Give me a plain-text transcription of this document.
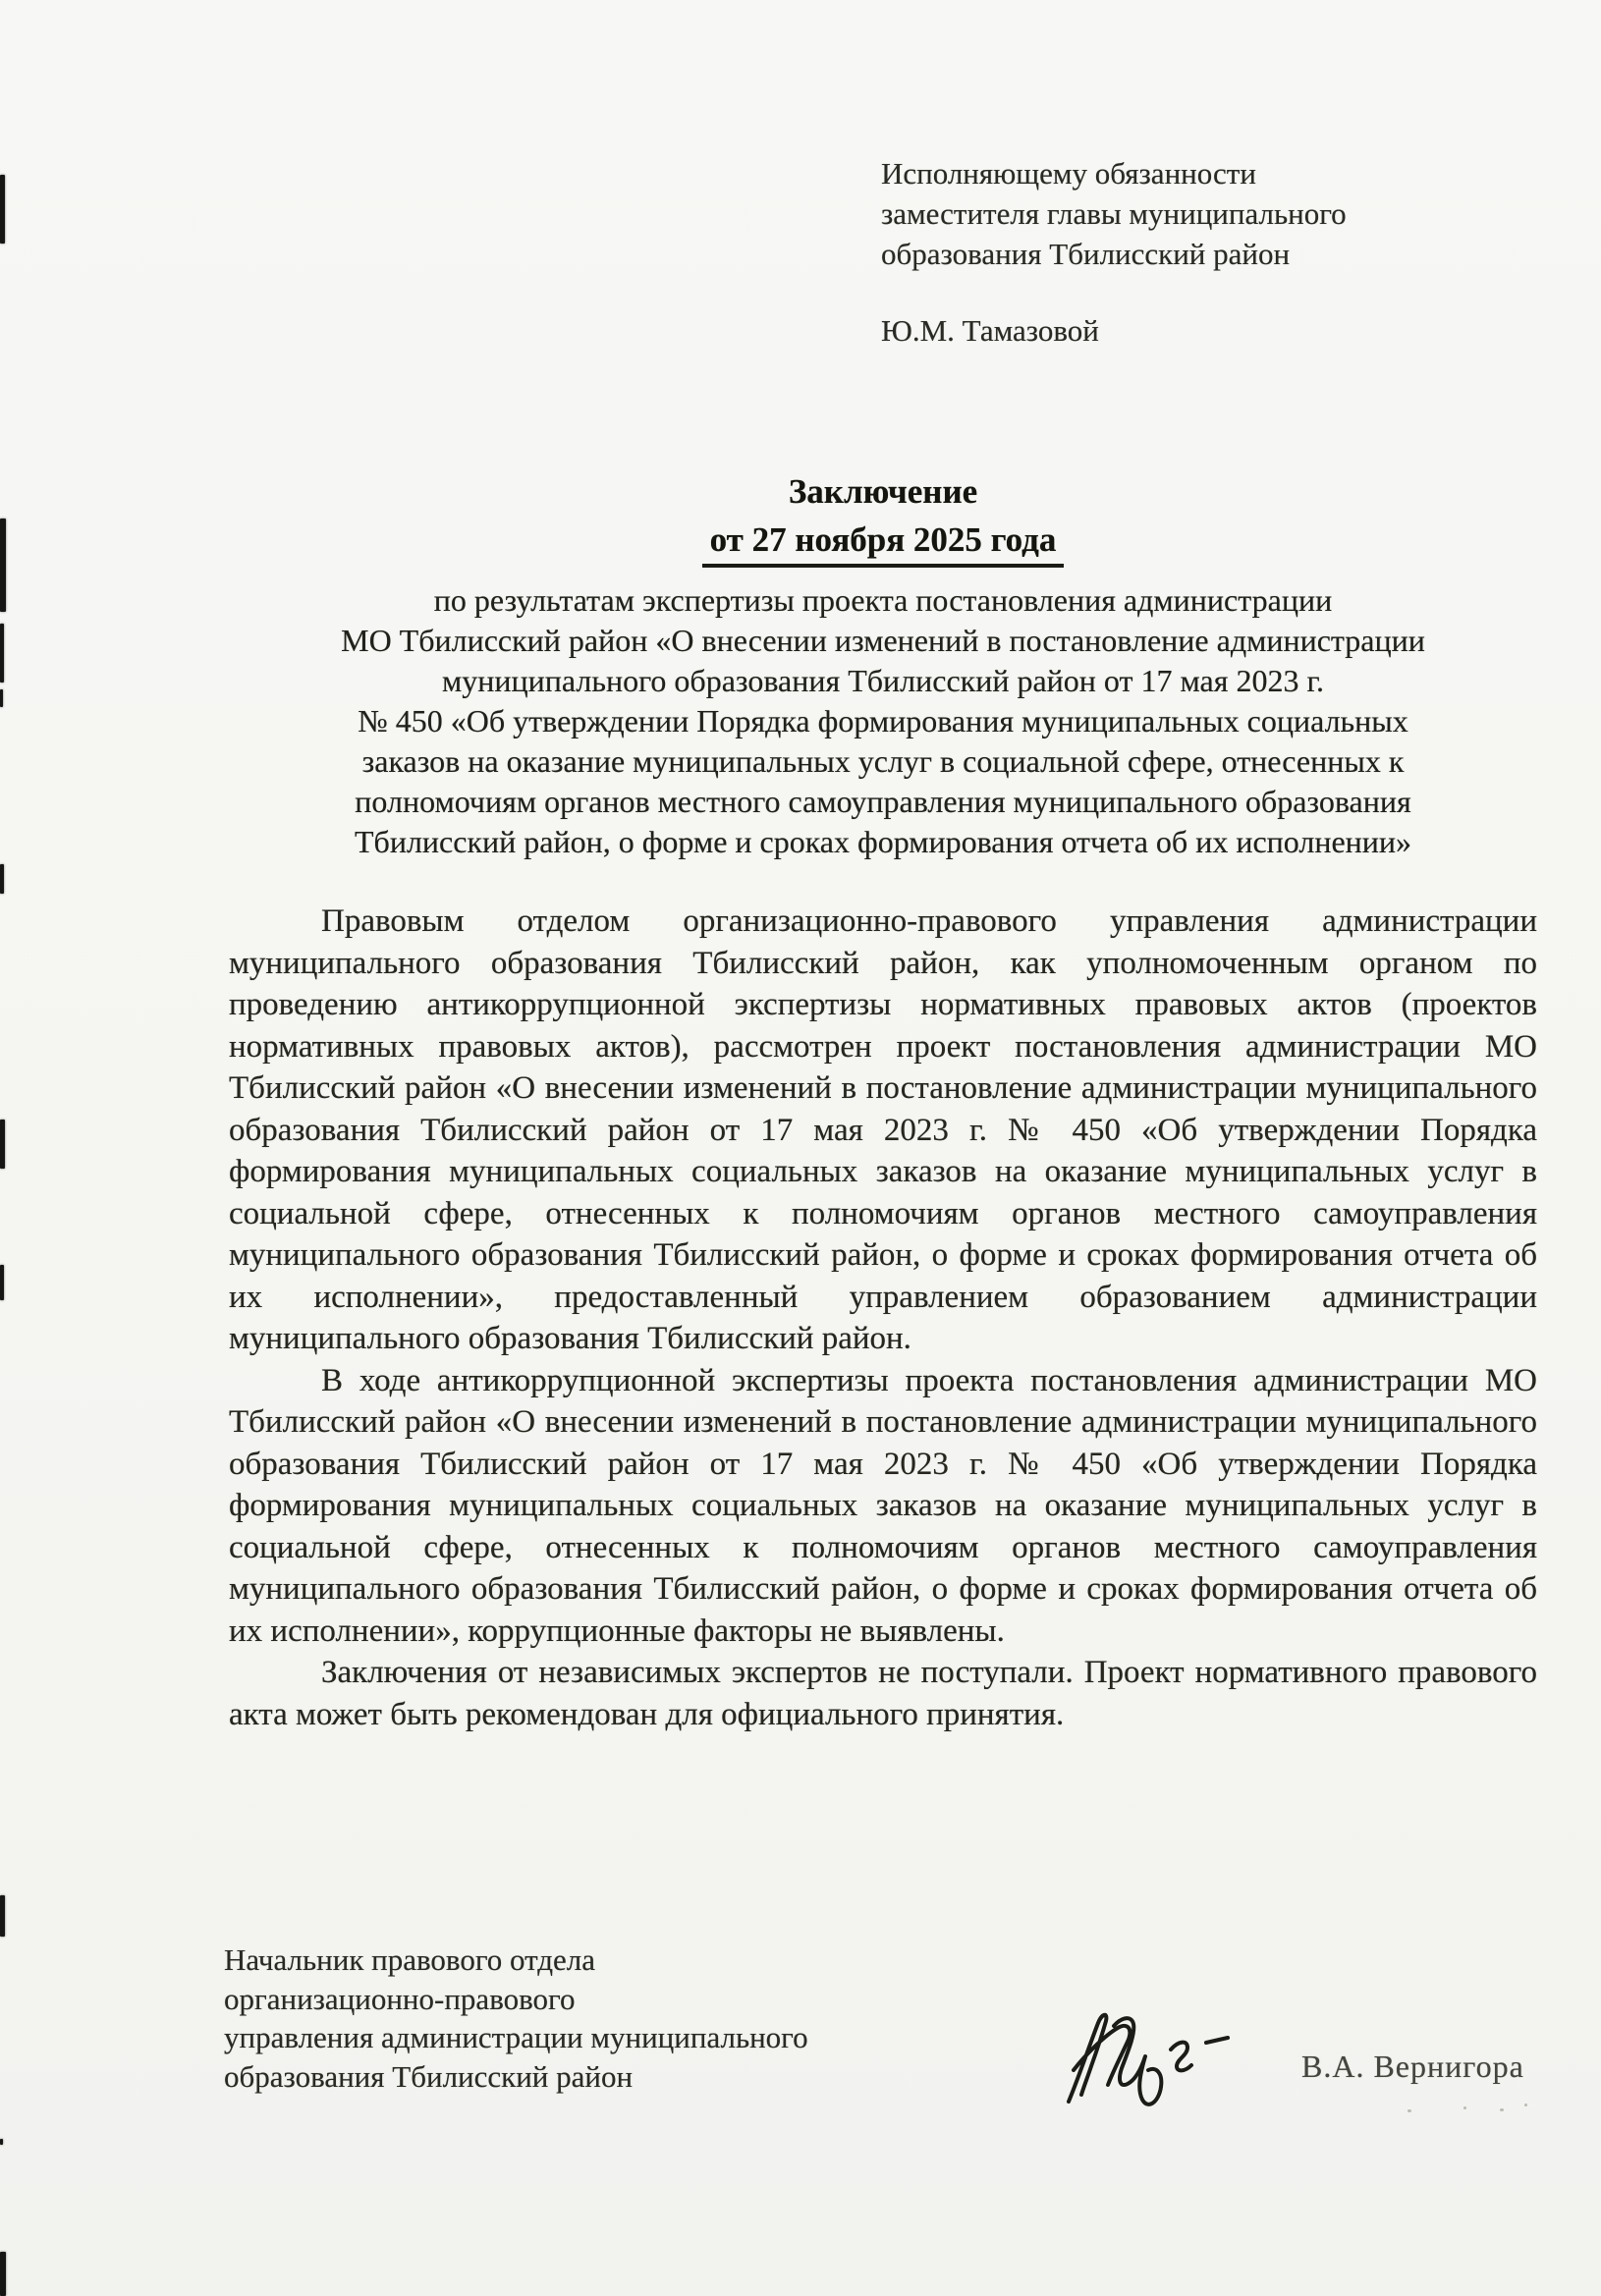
Исполняющему обязанности
заместителя главы муниципального
образования Тбилисский район
Ю.М. Тамазовой
Заключение
от 27 ноября 2025 года
по результатам экспертизы проекта постановления администрации
МО Тбилисский район «О внесении изменений в постановление администрации
муниципального образования Тбилисский район от 17 мая 2023 г.
№ 450 «Об утверждении Порядка формирования муниципальных социальных
заказов на оказание муниципальных услуг в социальной сфере, отнесенных к
полномочиям органов местного самоуправления муниципального образования
Тбилисский район, о форме и сроках формирования отчета об их исполнении»

Правовым отделом организационно-правового управления администрации муниципального образования Тбилисский район, как уполномоченным органом по проведению антикоррупционной экспертизы нормативных правовых актов (проектов нормативных правовых актов), рассмотрен проект постановления администрации МО Тбилисский район «О внесении изменений в постановление администрации муниципального образования Тбилисский район от 17 мая 2023 г. № 450 «Об утверждении Порядка формирования муниципальных социальных заказов на оказание муниципальных услуг в социальной сфере, отнесенных к полномочиям органов местного самоуправления муниципального образования Тбилисский район, о форме и сроках формирования отчета об их исполнении», предоставленный управлением образованием администрации муниципального образования Тбилисский район.

В ходе антикоррупционной экспертизы проекта постановления администрации МО Тбилисский район «О внесении изменений в постановление администрации муниципального образования Тбилисский район от 17 мая 2023 г. № 450 «Об утверждении Порядка формирования муниципальных социальных заказов на оказание муниципальных услуг в социальной сфере, отнесенных к полномочиям органов местного самоуправления муниципального образования Тбилисский район, о форме и сроках формирования отчета об их исполнении», коррупционные факторы не выявлены.

Заключения от независимых экспертов не поступали. Проект нормативного правового акта может быть рекомендован для официального принятия.

Начальник правового отдела
организационно-правового
управления администрации муниципального
образования Тбилисский район	В.А. Вернигора
